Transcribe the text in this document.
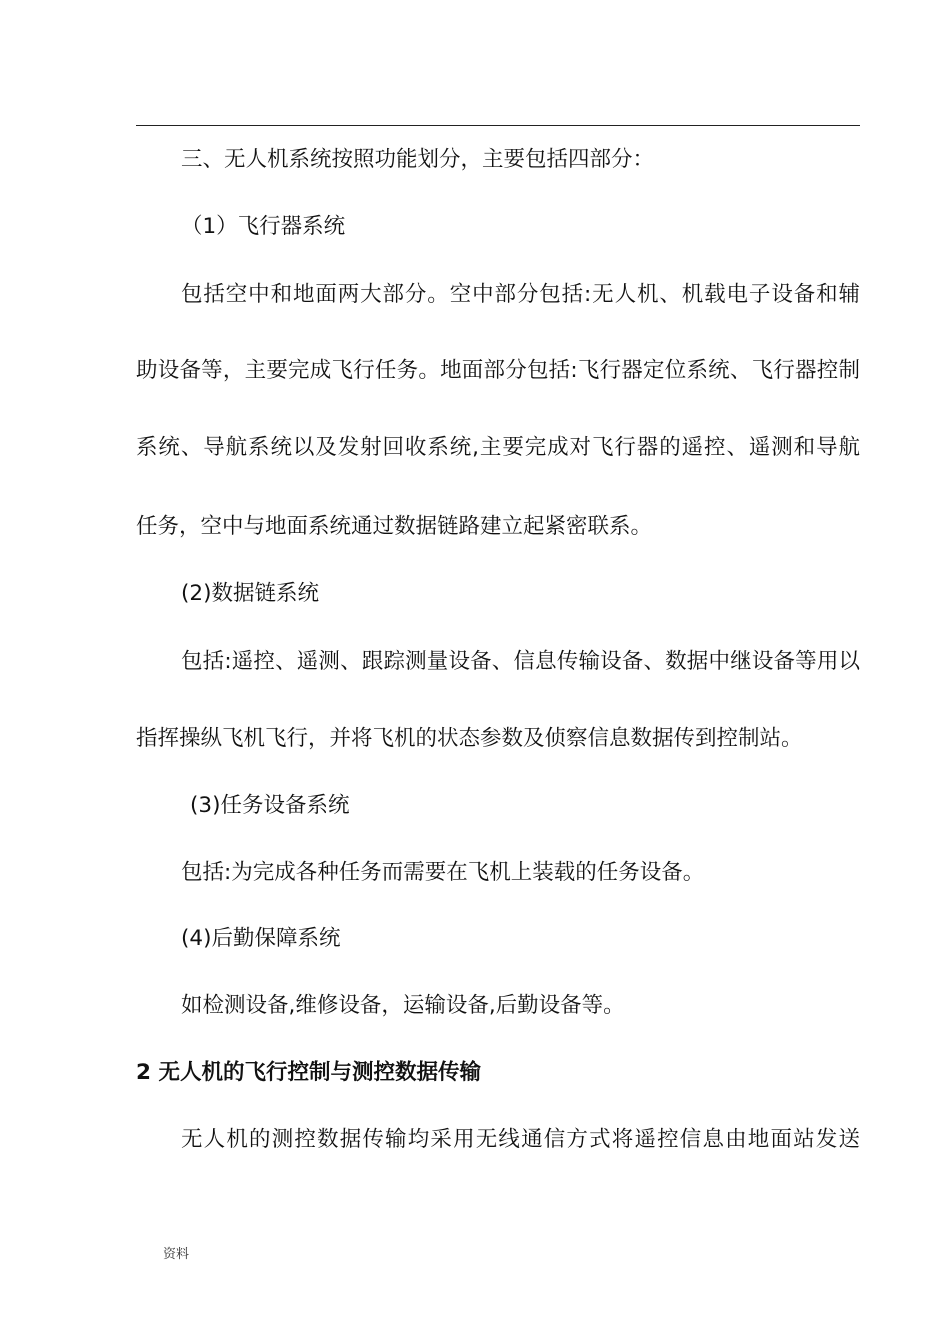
三、无人机系统按照功能划分，主要包括四部分：
（1）飞行器系统
包括空中和地面两大部分。空中部分包括:无人机、机载电子设备和辅
助设备等，主要完成飞行任务。地面部分包括:飞行器定位系统、飞行器控制
系统、导航系统以及发射回收系统,主要完成对飞行器的遥控、遥测和导航
任务，空中与地面系统通过数据链路建立起紧密联系。
(2)数据链系统
包括:遥控、遥测、跟踪测量设备、信息传输设备、数据中继设备等用以
指挥操纵飞机飞行，并将飞机的状态参数及侦察信息数据传到控制站。
(3)任务设备系统
包括:为完成各种任务而需要在飞机上装载的任务设备。
(4)后勤保障系统
如检测设备,维修设备，运输设备,后勤设备等。
2 无人机的飞行控制与测控数据传输
无人机的测控数据传输均采用无线通信方式将遥控信息由地面站发送
资料
